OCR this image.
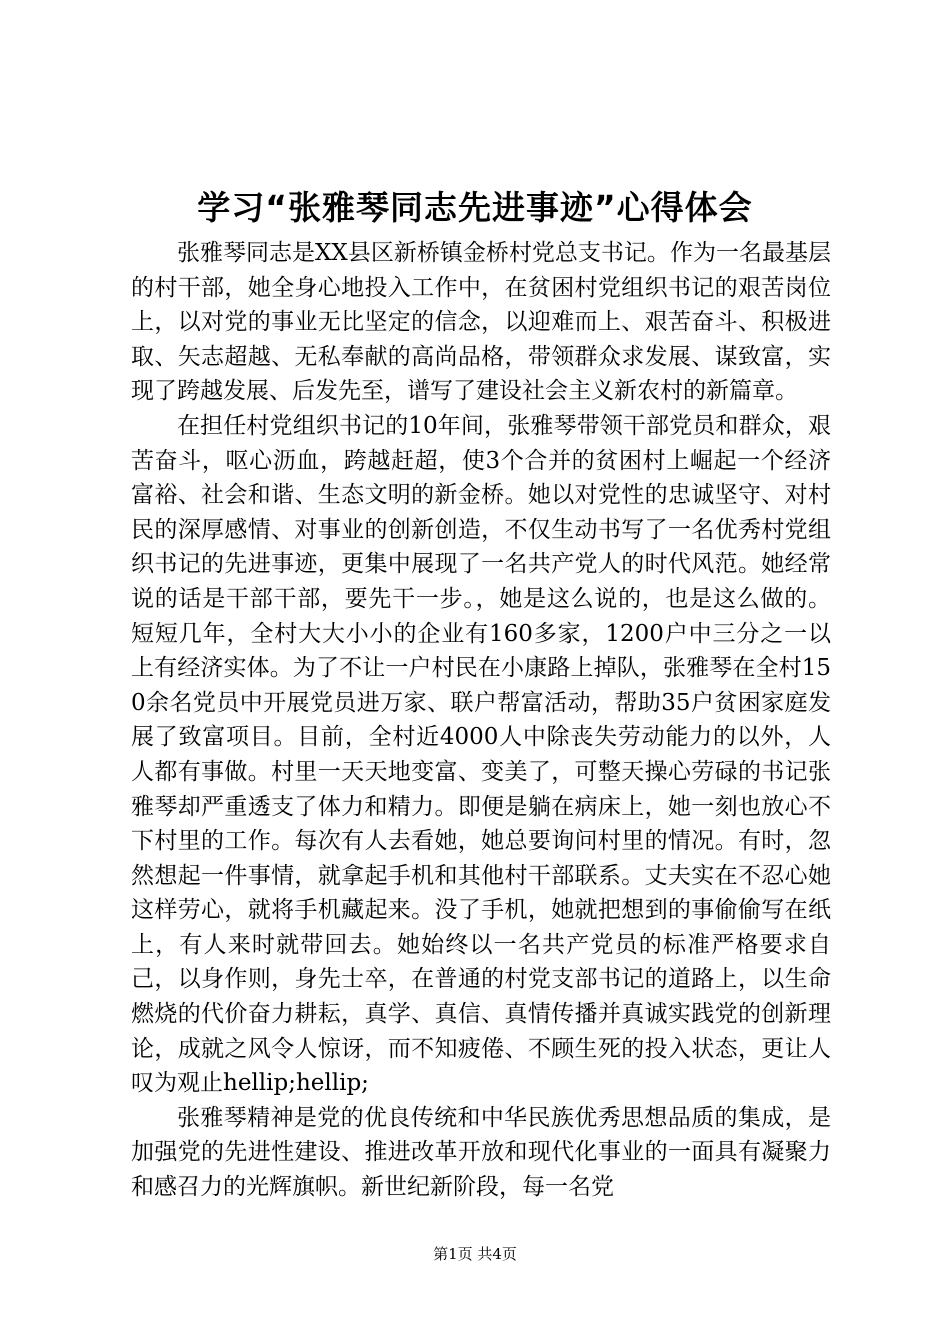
学习“张雅琴同志先进事迹”心得体会

张雅琴同志是XX县区新桥镇金桥村党总支书记。作为一名最基层的村干部，她全身心地投入工作中，在贫困村党组织书记的艰苦岗位上，以对党的事业无比坚定的信念，以迎难而上、艰苦奋斗、积极进取、矢志超越、无私奉献的高尚品格，带领群众求发展、谋致富，实现了跨越发展、后发先至，谱写了建设社会主义新农村的新篇章。

在担任村党组织书记的10年间，张雅琴带领干部党员和群众，艰苦奋斗，呕心沥血，跨越赶超，使3个合并的贫困村上崛起一个经济富裕、社会和谐、生态文明的新金桥。她以对党性的忠诚坚守、对村民的深厚感情、对事业的创新创造，不仅生动书写了一名优秀村党组织书记的先进事迹，更集中展现了一名共产党人的时代风范。她经常说的话是干部干部，要先干一步。，她是这么说的，也是这么做的。短短几年，全村大大小小的企业有160多家，1200户中三分之一以上有经济实体。为了不让一户村民在小康路上掉队，张雅琴在全村150余名党员中开展党员进万家、联户帮富活动，帮助35户贫困家庭发展了致富项目。目前，全村近4000人中除丧失劳动能力的以外，人人都有事做。村里一天天地变富、变美了，可整天操心劳碌的书记张雅琴却严重透支了体力和精力。即便是躺在病床上，她一刻也放心不下村里的工作。每次有人去看她，她总要询问村里的情况。有时，忽然想起一件事情，就拿起手机和其他村干部联系。丈夫实在不忍心她这样劳心，就将手机藏起来。没了手机，她就把想到的事偷偷写在纸上，有人来时就带回去。她始终以一名共产党员的标准严格要求自己，以身作则，身先士卒，在普通的村党支部书记的道路上，以生命燃烧的代价奋力耕耘，真学、真信、真情传播并真诚实践党的创新理论，成就之风令人惊讶，而不知疲倦、不顾生死的投入状态，更让人叹为观止hellip;hellip;

张雅琴精神是党的优良传统和中华民族优秀思想品质的集成，是加强党的先进性建设、推进改革开放和现代化事业的一面具有凝聚力和感召力的光辉旗帜。新世纪新阶段，每一名党

第1页 共4页
